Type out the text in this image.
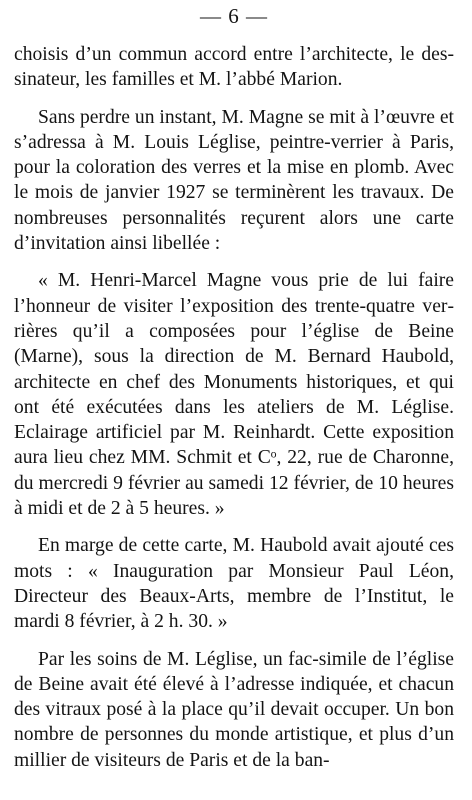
— 6 —

choisis d’un commun accord entre l’architecte, le dessinateur, les familles et M. l’abbé Marion.

Sans perdre un instant, M. Magne se mit à l’œuvre et s’adressa à M. Louis Léglise, peintre-verrier à Paris, pour la coloration des verres et la mise en plomb. Avec le mois de janvier 1927 se terminèrent les travaux. De nombreuses personnalités reçurent alors une carte d’invitation ainsi libellée :

« M. Henri-Marcel Magne vous prie de lui faire l’honneur de visiter l’exposition des trente-quatre verrières qu’il a composées pour l’église de Beine (Marne), sous la direction de M. Bernard Haubold, architecte en chef des Monuments historiques, et qui ont été exécutées dans les ateliers de M. Léglise. Eclairage artificiel par M. Reinhardt. Cette exposition aura lieu chez MM. Schmit et Cᵒ, 22, rue de Charonne, du mercredi 9 février au samedi 12 février, de 10 heures à midi et de 2 à 5 heures. »

En marge de cette carte, M. Haubold avait ajouté ces mots : « Inauguration par Monsieur Paul Léon, Directeur des Beaux-Arts, membre de l’Institut, le mardi 8 février, à 2 h. 30. »

Par les soins de M. Léglise, un fac-simile de l’église de Beine avait été élevé à l’adresse indiquée, et chacun des vitraux posé à la place qu’il devait occuper. Un bon nombre de personnes du monde artistique, et plus d’un millier de visiteurs de Paris et de la ban-
